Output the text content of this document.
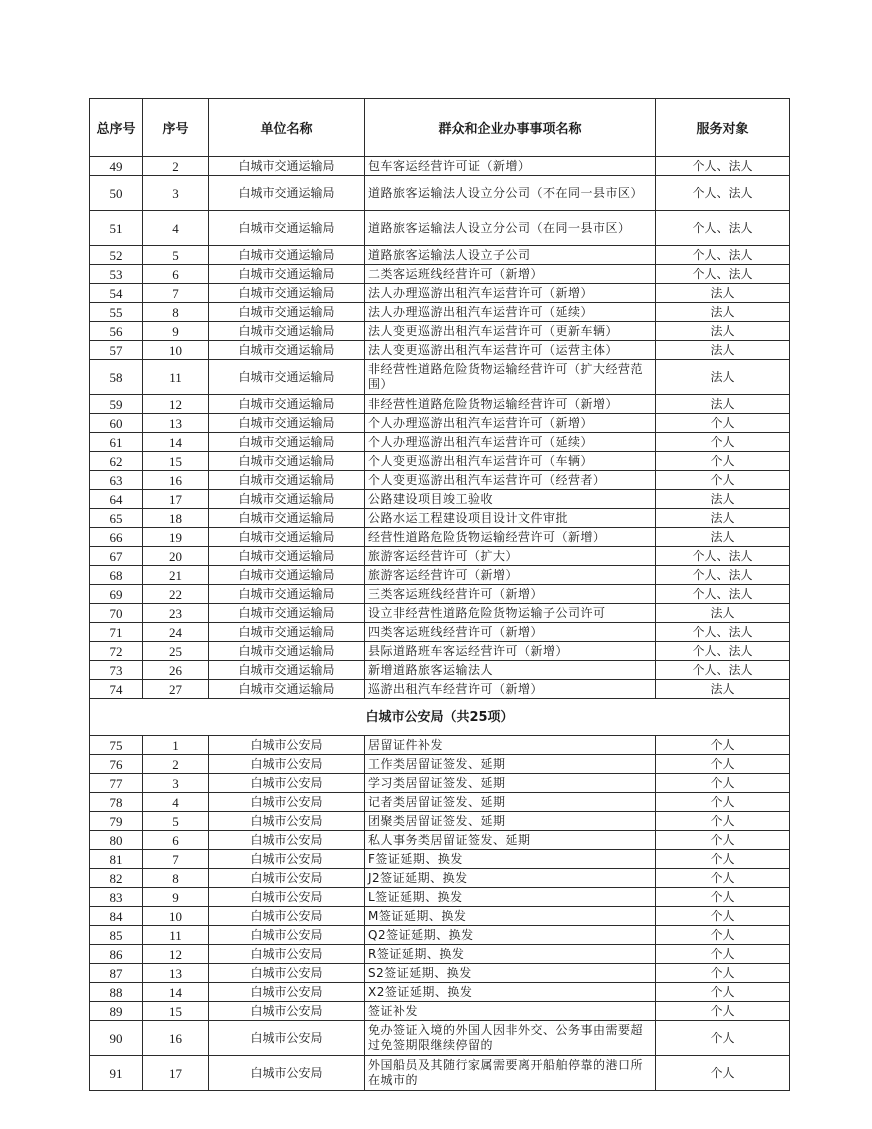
总序号	序号	单位名称	群众和企业办事事项名称	服务对象
49	2	白城市交通运输局	包车客运经营许可证（新增）	个人、法人
50	3	白城市交通运输局	道路旅客运输法人设立分公司（不在同一县市区）	个人、法人
51	4	白城市交通运输局	道路旅客运输法人设立分公司（在同一县市区）	个人、法人
52	5	白城市交通运输局	道路旅客运输法人设立子公司	个人、法人
53	6	白城市交通运输局	二类客运班线经营许可（新增）	个人、法人
54	7	白城市交通运输局	法人办理巡游出租汽车运营许可（新增）	法人
55	8	白城市交通运输局	法人办理巡游出租汽车运营许可（延续）	法人
56	9	白城市交通运输局	法人变更巡游出租汽车运营许可（更新车辆）	法人
57	10	白城市交通运输局	法人变更巡游出租汽车运营许可（运营主体）	法人
58	11	白城市交通运输局	非经营性道路危险货物运输经营许可（扩大经营范围）	法人
59	12	白城市交通运输局	非经营性道路危险货物运输经营许可（新增）	法人
60	13	白城市交通运输局	个人办理巡游出租汽车运营许可（新增）	个人
61	14	白城市交通运输局	个人办理巡游出租汽车运营许可（延续）	个人
62	15	白城市交通运输局	个人变更巡游出租汽车运营许可（车辆）	个人
63	16	白城市交通运输局	个人变更巡游出租汽车运营许可（经营者）	个人
64	17	白城市交通运输局	公路建设项目竣工验收	法人
65	18	白城市交通运输局	公路水运工程建设项目设计文件审批	法人
66	19	白城市交通运输局	经营性道路危险货物运输经营许可（新增）	法人
67	20	白城市交通运输局	旅游客运经营许可（扩大）	个人、法人
68	21	白城市交通运输局	旅游客运经营许可（新增）	个人、法人
69	22	白城市交通运输局	三类客运班线经营许可（新增）	个人、法人
70	23	白城市交通运输局	设立非经营性道路危险货物运输子公司许可	法人
71	24	白城市交通运输局	四类客运班线经营许可（新增）	个人、法人
72	25	白城市交通运输局	县际道路班车客运经营许可（新增）	个人、法人
73	26	白城市交通运输局	新增道路旅客运输法人	个人、法人
74	27	白城市交通运输局	巡游出租汽车经营许可（新增）	法人
白城市公安局（共25项）				
75	1	白城市公安局	居留证件补发	个人
76	2	白城市公安局	工作类居留证签发、延期	个人
77	3	白城市公安局	学习类居留证签发、延期	个人
78	4	白城市公安局	记者类居留证签发、延期	个人
79	5	白城市公安局	团聚类居留证签发、延期	个人
80	6	白城市公安局	私人事务类居留证签发、延期	个人
81	7	白城市公安局	F签证延期、换发	个人
82	8	白城市公安局	J2签证延期、换发	个人
83	9	白城市公安局	L签证延期、换发	个人
84	10	白城市公安局	M签证延期、换发	个人
85	11	白城市公安局	Q2签证延期、换发	个人
86	12	白城市公安局	R签证延期、换发	个人
87	13	白城市公安局	S2签证延期、换发	个人
88	14	白城市公安局	X2签证延期、换发	个人
89	15	白城市公安局	签证补发	个人
90	16	白城市公安局	免办签证入境的外国人因非外交、公务事由需要超过免签期限继续停留的	个人
91	17	白城市公安局	外国船员及其随行家属需要离开船舶停靠的港口所在城市的	个人
